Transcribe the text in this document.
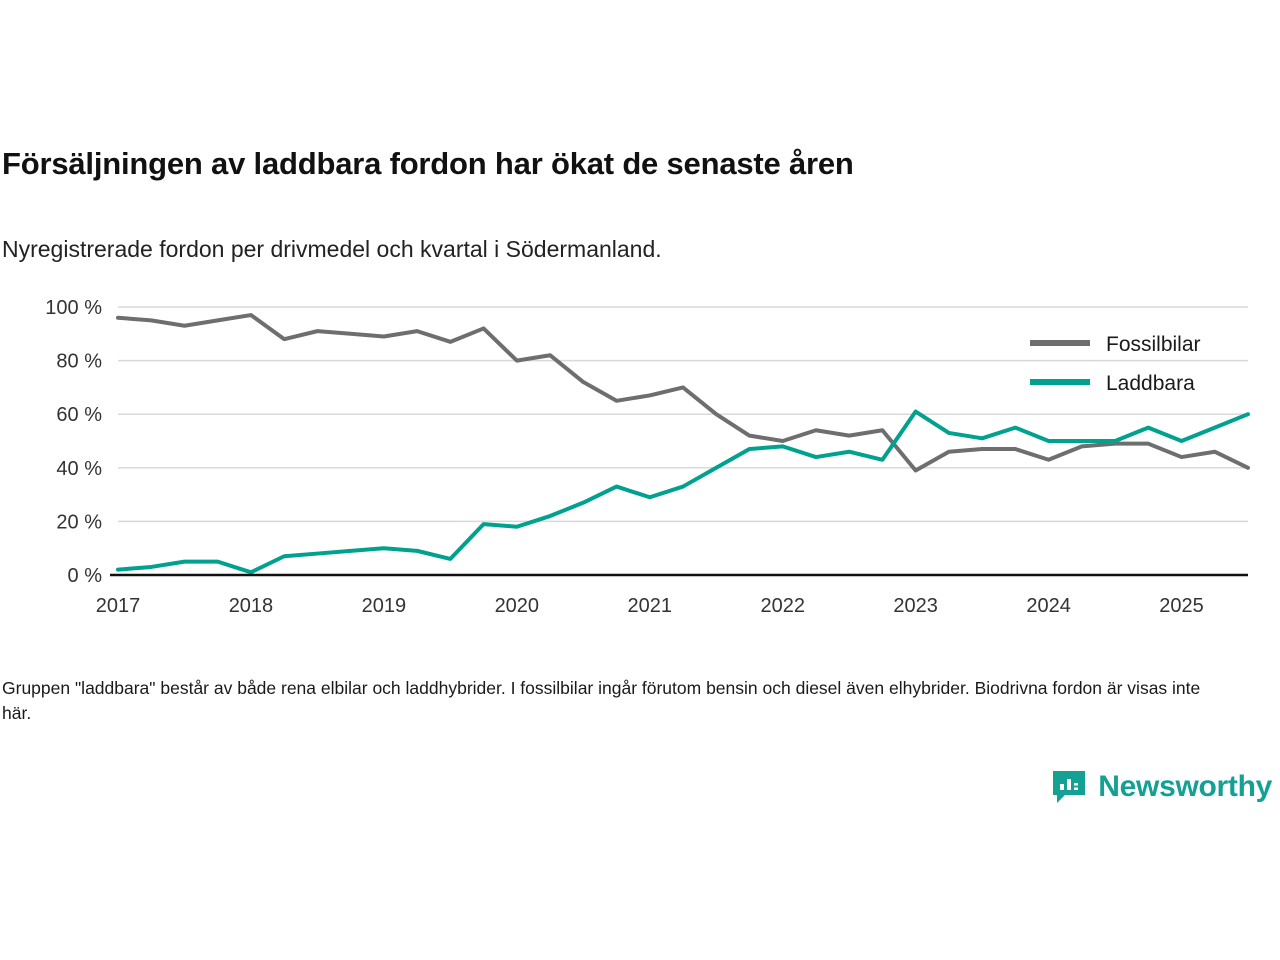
Försäljningen av laddbara fordon har ökat de senaste åren
Nyregistrerade fordon per drivmedel och kvartal i Södermanland.
0 %
20 %
40 %
60 %
80 %
100 %
2017	2018	2019	2020	2021	2022	2023	2024	2025
Fossilbilar
Laddbara
Gruppen "laddbara" består av både rena elbilar och laddhybrider. I fossilbilar ingår förutom bensin och diesel även elhybrider. Biodrivna fordon är visas inte här.
Newsworthy
